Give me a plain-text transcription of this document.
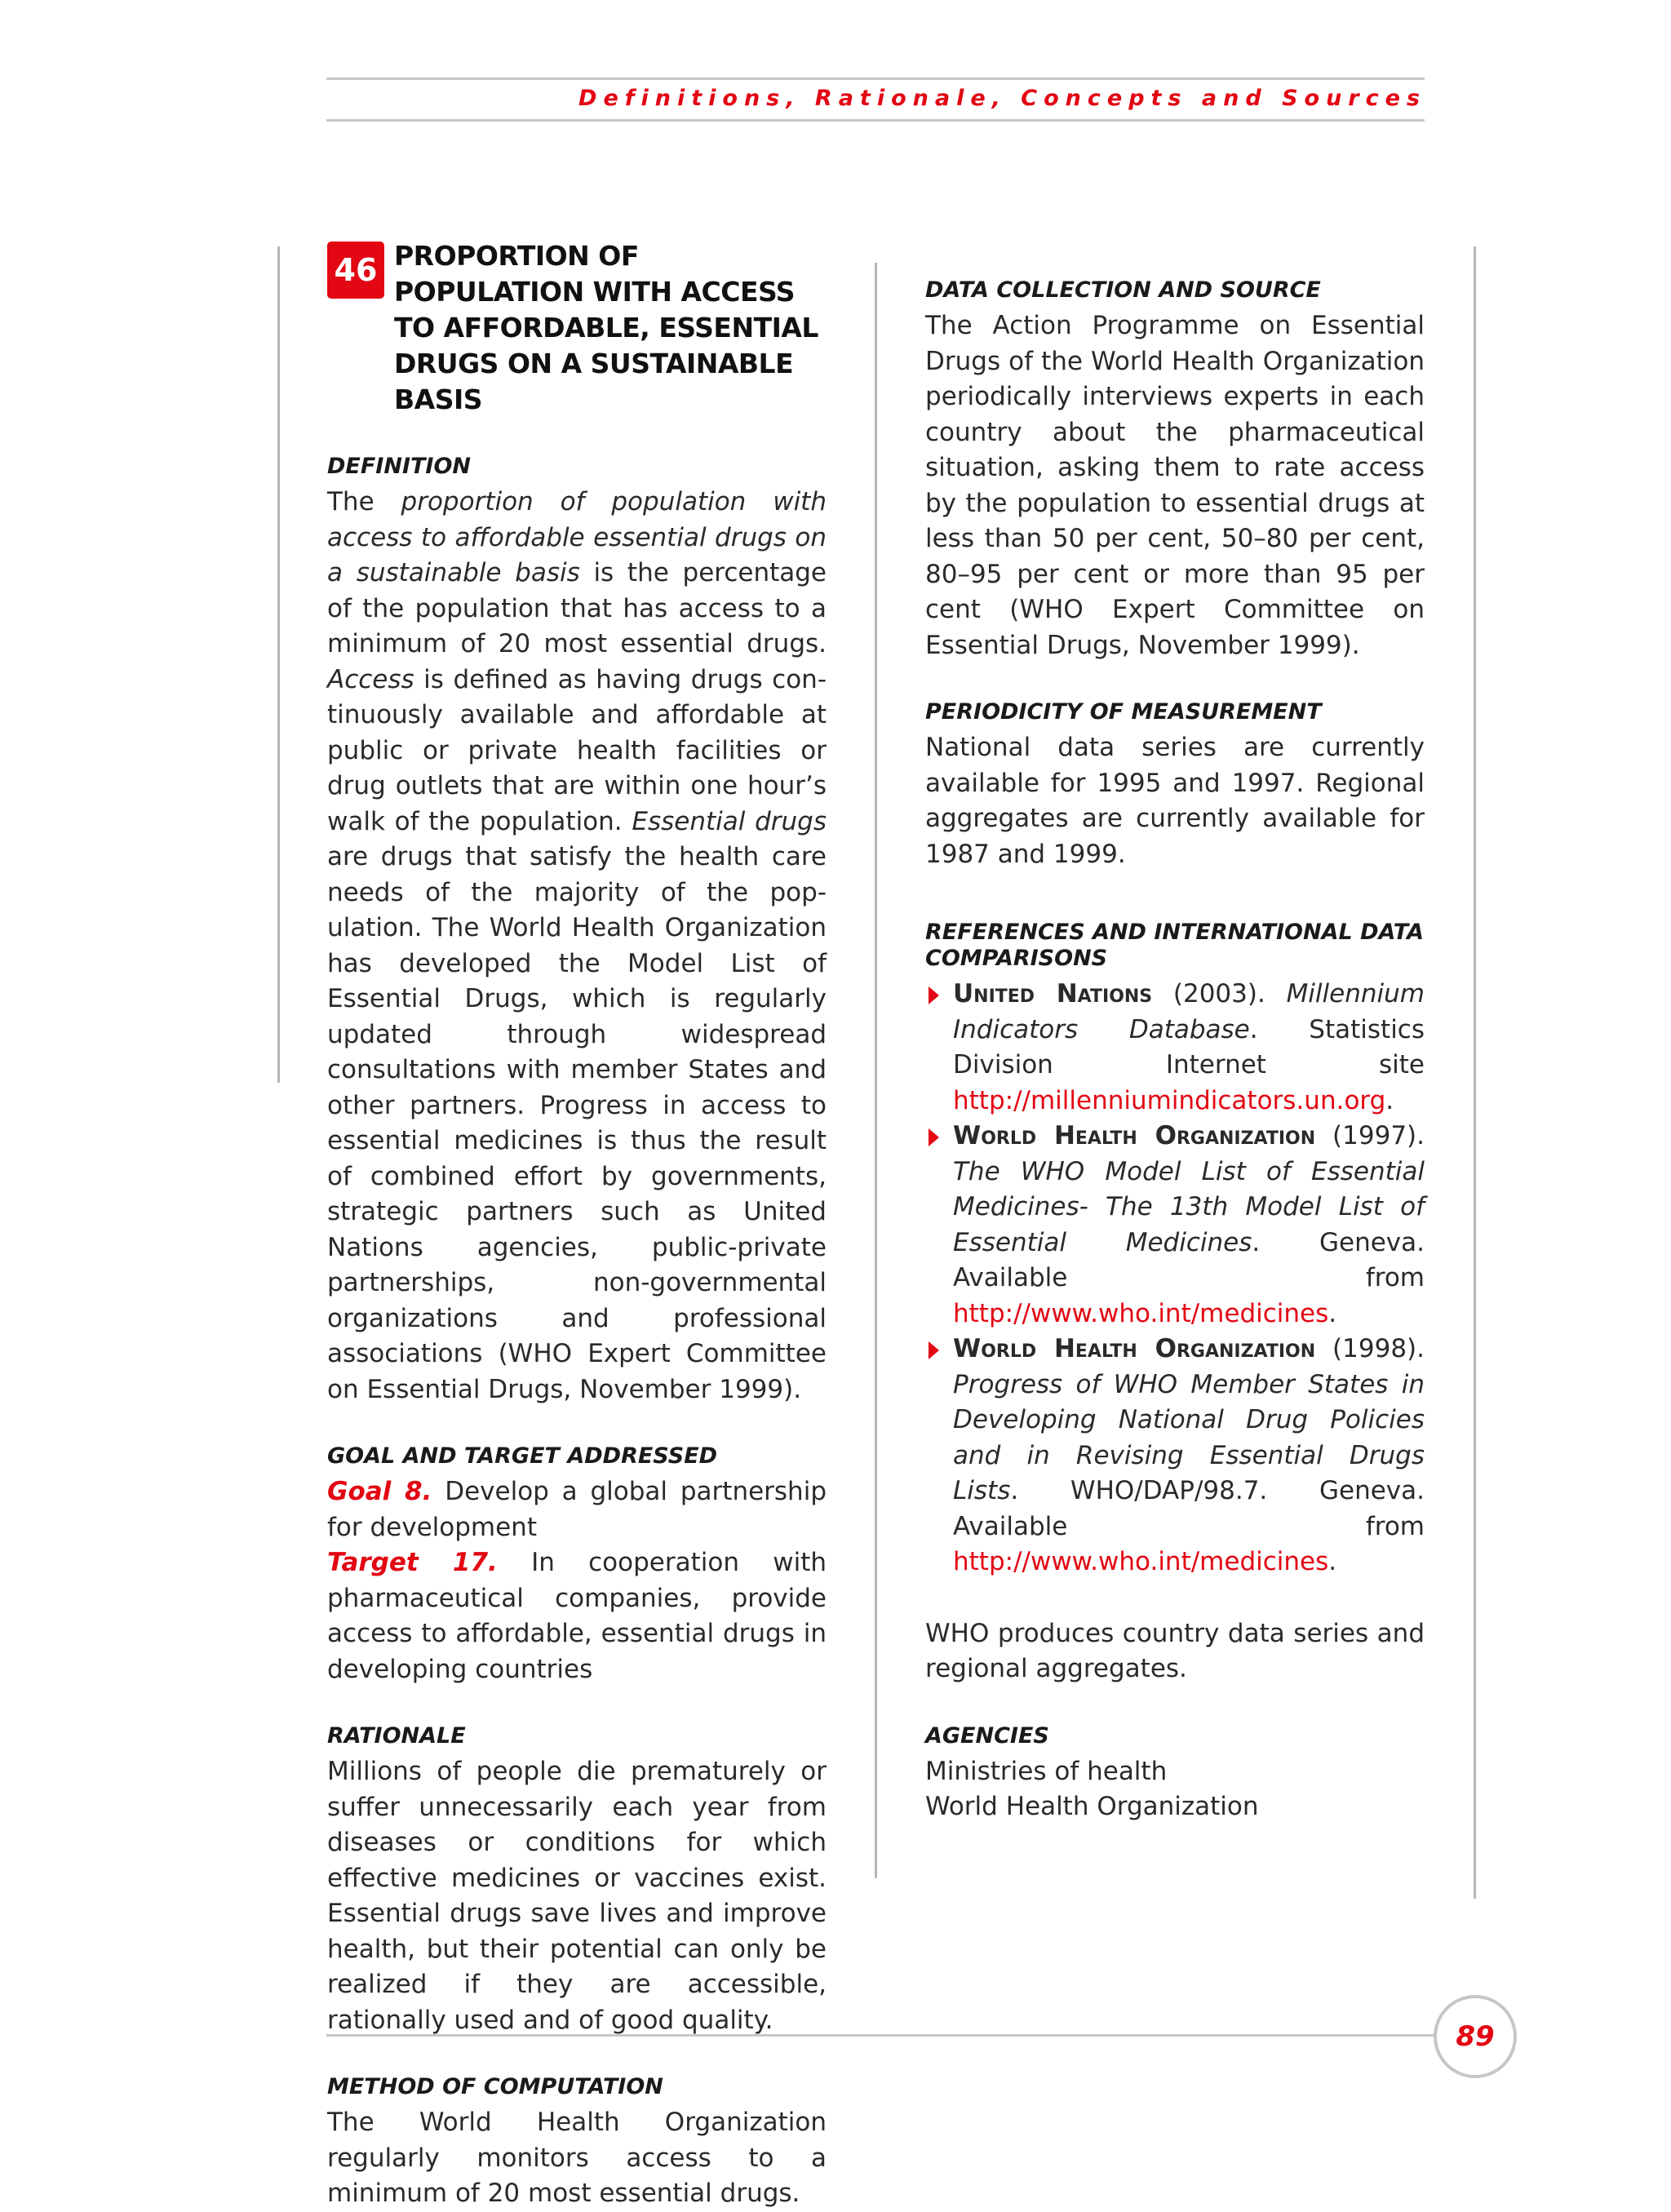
Definitions, Rationale, Concepts and Sources
46 PROPORTION OF POPULATION WITH ACCESS TO AFFORDABLE, ESSENTIAL DRUGS ON A SUSTAINABLE BASIS
DEFINITION

The proportion of population with access to affordable essential drugs on a sustainable basis is the percentage of the population that has access to a minimum of 20 most essential drugs. Access is defined as having drugs continuously available and affordable at public or private health facilities or drug outlets that are within one hour’s walk of the population. Essential drugs are drugs that satisfy the health care needs of the majority of the population. The World Health Organization has developed the Model List of Essential Drugs, which is regularly updated through widespread consultations with member States and other partners. Progress in access to essential medicines is thus the result of combined effort by governments, strategic partners such as United Nations agencies, public-private partnerships, non-governmental organizations and professional associations (WHO Expert Committee on Essential Drugs, November 1999).

GOAL AND TARGET ADDRESSED

Goal 8. Develop a global partnership for development

Target 17. In cooperation with pharmaceutical companies, provide access to affordable, essential drugs in developing countries

RATIONALE

Millions of people die prematurely or suffer unnecessarily each year from diseases or conditions for which effective medicines or vaccines exist. Essential drugs save lives and improve health, but their potential can only be realized if they are accessible, rationally used and of good quality.

METHOD OF COMPUTATION

The World Health Organization regularly monitors access to a minimum of 20 most essential drugs.

DATA COLLECTION AND SOURCE

The Action Programme on Essential Drugs of the World Health Organization periodically interviews experts in each country about the pharmaceutical situation, asking them to rate access by the population to essential drugs at less than 50 per cent, 50–80 per cent, 80–95 per cent or more than 95 per cent (WHO Expert Committee on Essential Drugs, November 1999).

PERIODICITY OF MEASUREMENT

National data series are currently available for 1995 and 1997. Regional aggregates are currently available for 1987 and 1999.

REFERENCES AND INTERNATIONAL DATA COMPARISONS

United Nations (2003). Millennium Indicators Database. Statistics Division Internet site http://millenniumindicators.un.org.

World Health Organization (1997). The WHO Model List of Essential Medicines- The 13th Model List of Essential Medicines. Geneva. Available from http://www.who.int/medicines.

World Health Organization (1998). Progress of WHO Member States in Developing National Drug Policies and in Revising Essential Drugs Lists. WHO/DAP/98.7. Geneva. Available from http://www.who.int/medicines.

WHO produces country data series and regional aggregates.

AGENCIES
Ministries of health
World Health Organization
89
